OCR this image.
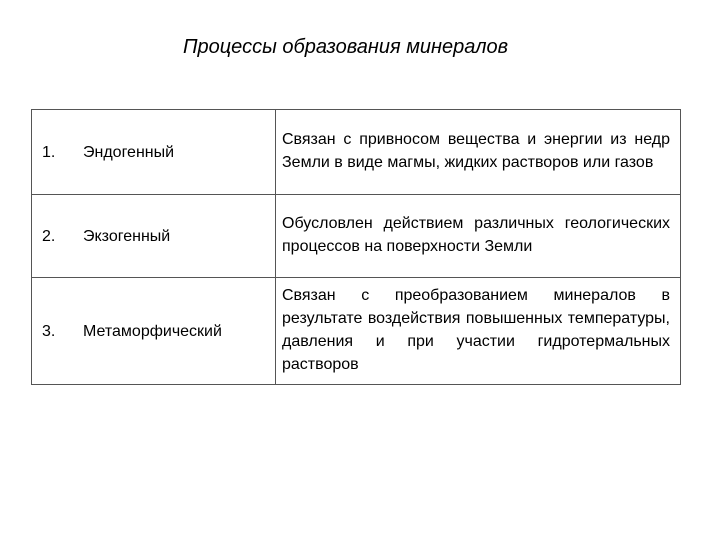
Процессы образования минералов
1.	Эндогенный	Связан с привносом вещества и энергии из недр Земли в виде магмы, жидких растворов или газов
2.	Экзогенный	Обусловлен действием различных геологических процессов на поверхности Земли
3.	Метаморфический	Связан с преобразованием минералов в результате воздействия повышенных температуры, давления и при участии гидротермальных растворов
